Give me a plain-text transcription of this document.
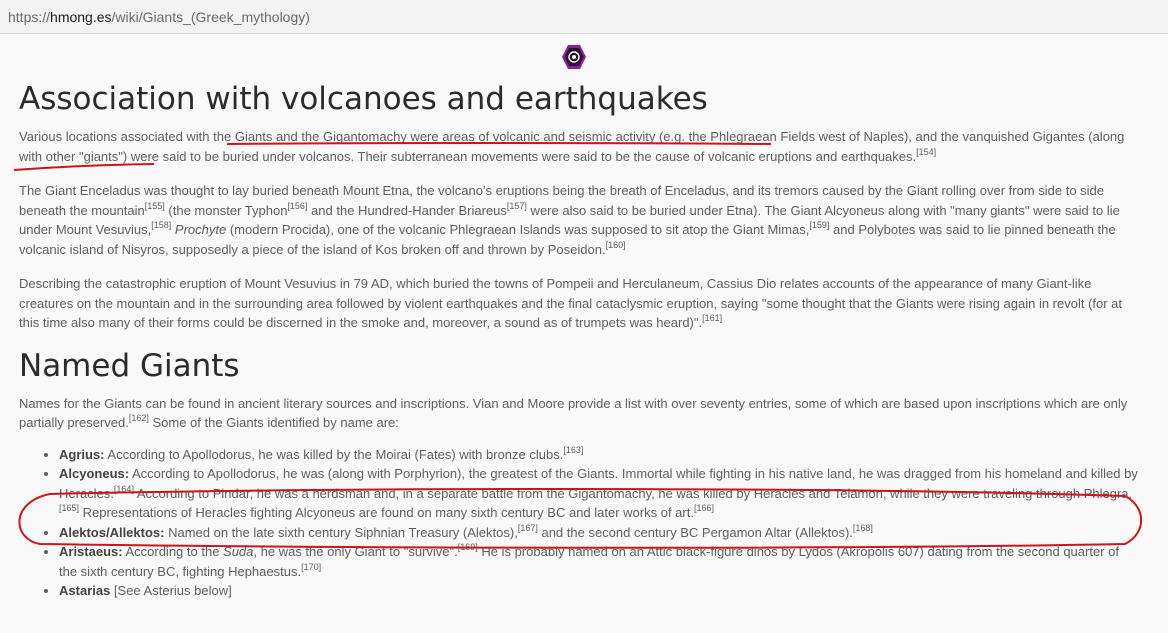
https:// hmong.es /wiki/Giants_(Greek_mythology)
Association with volcanoes and earthquakes

Various locations associated with the Giants and the Gigantomachy were areas of volcanic and seismic activity (e.g. the Phlegraean Fields west of Naples), and the vanquished Gigantes (along with other "giants") were said to be buried under volcanos. Their subterranean movements were said to be the cause of volcanic eruptions and earthquakes.[154]

The Giant Enceladus was thought to lay buried beneath Mount Etna, the volcano's eruptions being the breath of Enceladus, and its tremors caused by the Giant rolling over from side to side beneath the mountain[155] (the monster Typhon[156] and the Hundred-Hander Briareus[157] were also said to be buried under Etna). The Giant Alcyoneus along with "many giants" were said to lie under Mount Vesuvius,[158] Prochyte (modern Procida), one of the volcanic Phlegraean Islands was supposed to sit atop the Giant Mimas,[159] and Polybotes was said to lie pinned beneath the volcanic island of Nisyros, supposedly a piece of the island of Kos broken off and thrown by Poseidon.[160]

Describing the catastrophic eruption of Mount Vesuvius in 79 AD, which buried the towns of Pompeii and Herculaneum, Cassius Dio relates accounts of the appearance of many Giant-like creatures on the mountain and in the surrounding area followed by violent earthquakes and the final cataclysmic eruption, saying "some thought that the Giants were rising again in revolt (for at this time also many of their forms could be discerned in the smoke and, moreover, a sound as of trumpets was heard)".[161]

Named Giants

Names for the Giants can be found in ancient literary sources and inscriptions. Vian and Moore provide a list with over seventy entries, some of which are based upon inscriptions which are only partially preserved.[162] Some of the Giants identified by name are:

• Agrius: According to Apollodorus, he was killed by the Moirai (Fates) with bronze clubs.[163]
• Alcyoneus: According to Apollodorus, he was (along with Porphyrion), the greatest of the Giants. Immortal while fighting in his native land, he was dragged from his homeland and killed by Heracles.[164] According to Pindar, he was a herdsman and, in a separate battle from the Gigantomachy, he was killed by Heracles and Telamon, while they were traveling through Phlegra.[165] Representations of Heracles fighting Alcyoneus are found on many sixth century BC and later works of art.[166]
• Alektos/Allektos: Named on the late sixth century Siphnian Treasury (Alektos),[167] and the second century BC Pergamon Altar (Allektos).[168]
• Aristaeus: According to the Suda, he was the only Giant to "survive".[169] He is probably named on an Attic black-figure dinos by Lydos (Akropolis 607) dating from the second quarter of the sixth century BC, fighting Hephaestus.[170]
• Astarias [See Asterius below]
